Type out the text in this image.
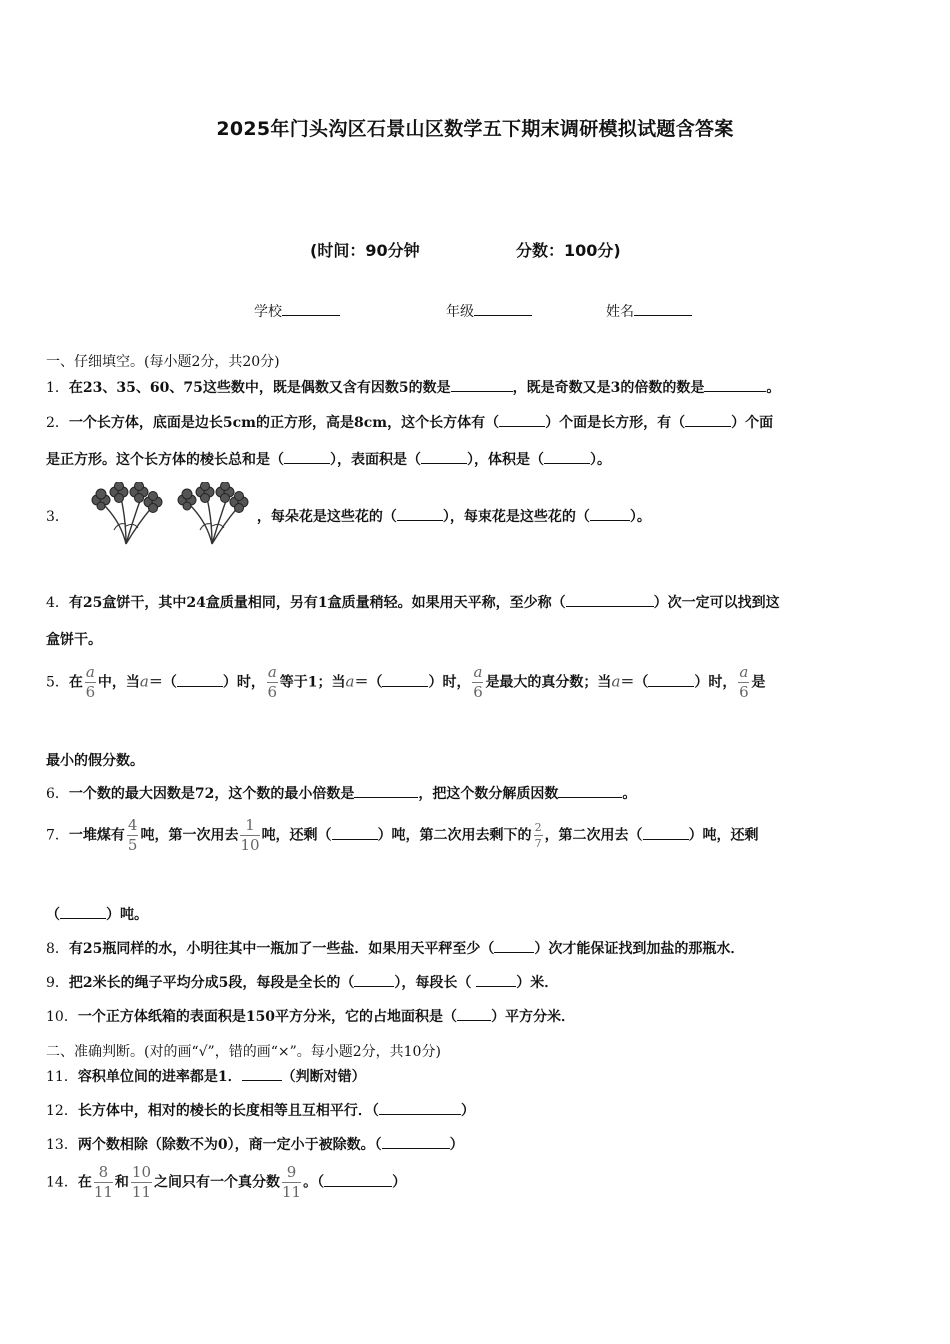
2025年门头沟区石景山区数学五下期末调研模拟试题含答案
(时间：90分钟	分数：100分)
学校	年级	姓名
一、仔细填空。(每小题2分，共20分)
1．在23、35、60、75这些数中，既是偶数又含有因数5的数是	，既是奇数又是3的倍数的数是	。
2．一个长方体，底面是边长5cm的正方形，高是8cm，这个长方体有（	）个面是长方形，有（	）个面
是正方形。这个长方体的棱长总和是（	），表面积是（	），体积是（	）。
3．	，每朵花是这些花的（	），每束花是这些花的（	）。
4．有25盒饼干，其中24盒质量相同，另有1盒质量稍轻。如果用天平称，至少称（	）次一定可以找到这
盒饼干。
5．在 $\frac{a}{6}$ 中，当a＝（	）时， $\frac{a}{6}$ 等于1；当a＝（	）时， $\frac{a}{6}$ 是最大的真分数；当a＝（	）时， $\frac{a}{6}$ 是
最小的假分数。
6．一个数的最大因数是72，这个数的最小倍数是	，把这个数分解质因数	。
7．一堆煤有 $\frac{4}{5}$ 吨，第一次用去 $\frac{1}{10}$ 吨，还剩（	）吨，第二次用去剩下的 $\frac{2}{7}$ ，第二次用去（	）吨，还剩
（	）吨。
8．有25瓶同样的水，小明往其中一瓶加了一些盐．如果用天平秤至少（	）次才能保证找到加盐的那瓶水．
9．把2米长的绳子平均分成5段，每段是全长的（	），每段长（	）米．
10．一个正方体纸箱的表面积是150平方分米，它的占地面积是（ ）平方分米．
二、准确判断。(对的画“√”，错的画“×”。每小题2分，共10分)
11．容积单位间的进率都是1．	（判断对错）
12．长方体中，相对的棱长的长度相等且互相平行．（	）
13．两个数相除（除数不为0），商一定小于被除数。（	）
14．在 $\frac{8}{11}$ 和 $\frac{10}{11}$ 之间只有一个真分数 $\frac{9}{11}$ 。（	）
